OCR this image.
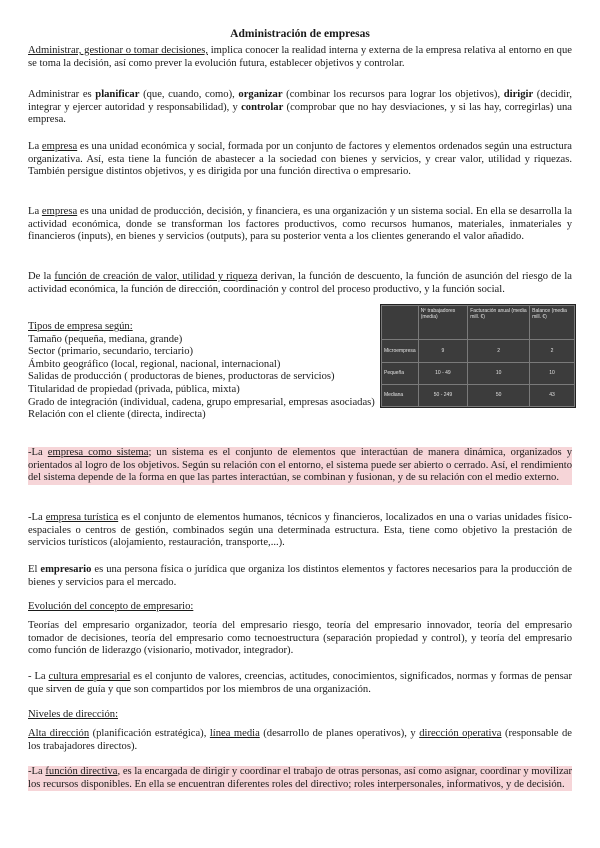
Administración de empresas
Administrar, gestionar o tomar decisiones, implica conocer la realidad interna y externa de la empresa relativa al entorno en que se toma la decisión, así como prever la evolución futura, establecer objetivos y controlar.
Administrar es planificar (que, cuando, como), organizar (combinar los recursos para lograr los objetivos), dirigir (decidir, integrar y ejercer autoridad y responsabilidad), y controlar (comprobar que no hay desviaciones, y si las hay, corregirlas) una empresa.
La empresa es una unidad económica y social, formada por un conjunto de factores y elementos ordenados según una estructura organizativa. Así, esta tiene la función de abastecer a la sociedad con bienes y servicios, y crear valor, utilidad y riquezas. También persigue distintos objetivos, y es dirigida por una función directiva o empresario.
La empresa es una unidad de producción, decisión, y financiera, es una organización y un sistema social. En ella se desarrolla la actividad económica, donde se transforman los factores productivos, como recursos humanos, materiales, inmateriales y financieros (inputs), en bienes y servicios (outputs), para su posterior venta a los clientes generando el valor añadido.
De la función de creación de valor, utilidad y riqueza derivan, la función de descuento, la función de asunción del riesgo de la actividad económica, la función de dirección, coordinación y control del proceso productivo, y la función social.
	Nº trabajadores (media)	Facturación anual (media mill. €)	Balance (media mill. €)
Microempresa	9	2	2
Pequeña	10 - 49	10	10
Mediana	50 - 249	50	43
Tipos de empresa según:
Tamaño (pequeña, mediana, grande)
Sector (primario, secundario, terciario)
Ámbito geográfico (local, regional, nacional, internacional)
Salidas de producción ( productoras de bienes, productoras de servicios)
Titularidad de propiedad (privada, pública, mixta)
Grado de integración (individual, cadena, grupo empresarial, empresas asociadas)
Relación con el cliente (directa, indirecta)
-La empresa como sistema; un sistema es el conjunto de elementos que interactúan de manera dinámica, organizados y orientados al logro de los objetivos. Según su relación con el entorno, el sistema puede ser abierto o cerrado. Así, el rendimiento del sistema depende de la forma en que las partes interactúan, se combinan y fusionan, y de su relación con el medio externo.
-La empresa turística es el conjunto de elementos humanos, técnicos y financieros, localizados en una o varias unidades físico-espaciales o centros de gestión, combinados según una determinada estructura. Esta, tiene como objetivo la prestación de servicios turísticos (alojamiento, restauración, transporte,...).
El empresario es una persona física o jurídica que organiza los distintos elementos y factores necesarios para la producción de bienes y servicios para el mercado.
Evolución del concepto de empresario:
Teorías del empresario organizador, teoría del empresario riesgo, teoría del empresario innovador, teoría del empresario tomador de decisiones, teoría del empresario como tecnoestructura (separación propiedad y control), y teoría del empresario como función de liderazgo (visionario, motivador, integrador).
- La cultura empresarial es el conjunto de valores, creencias, actitudes, conocimientos, significados, normas y formas de pensar que sirven de guía y que son compartidos por los miembros de una organización.
Niveles de dirección:
Alta dirección (planificación estratégica), línea media (desarrollo de planes operativos), y dirección operativa (responsable de los trabajadores directos).
-La función directiva, es la encargada de dirigir y coordinar el trabajo de otras personas, así como asignar, coordinar y movilizar los recursos disponibles. En ella se encuentran diferentes roles del directivo; roles interpersonales, informativos, y de decisión.
